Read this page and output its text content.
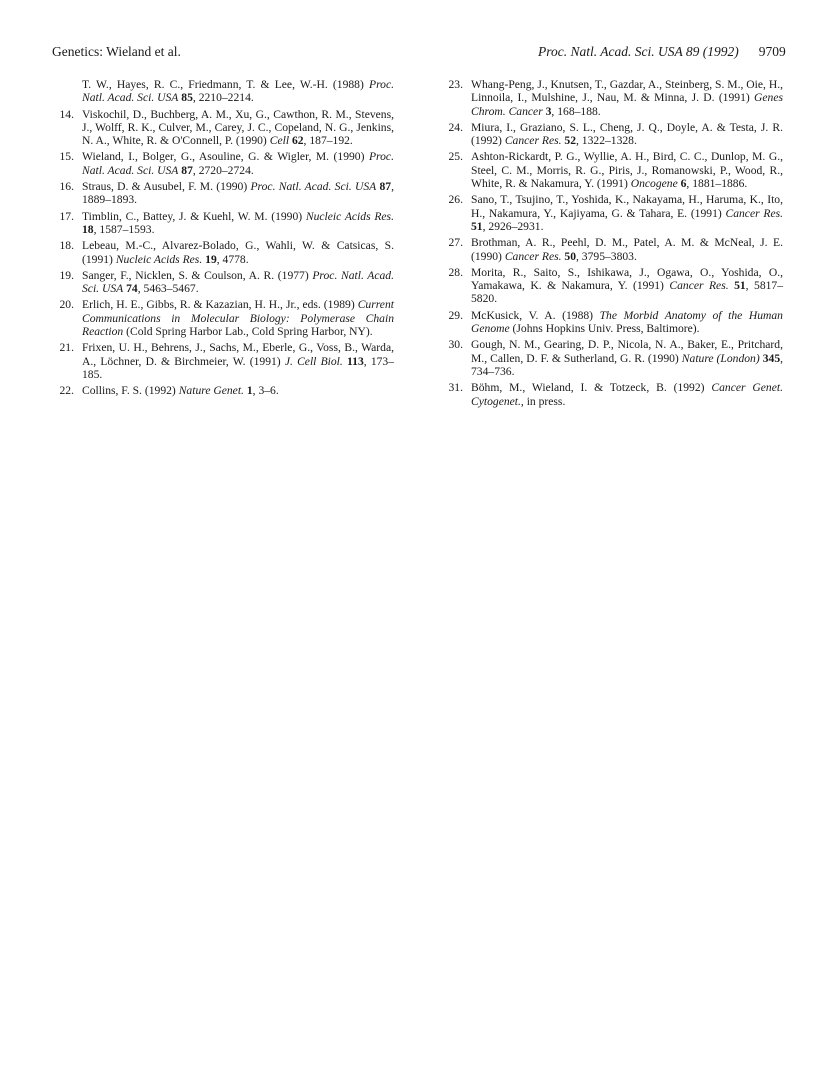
Genetics: Wieland et al.	Proc. Natl. Acad. Sci. USA 89 (1992) 9709
T. W., Hayes, R. C., Friedmann, T. & Lee, W.-H. (1988) Proc. Natl. Acad. Sci. USA 85, 2210–2214.
14. Viskochil, D., Buchberg, A. M., Xu, G., Cawthon, R. M., Stevens, J., Wolff, R. K., Culver, M., Carey, J. C., Copeland, N. G., Jenkins, N. A., White, R. & O'Connell, P. (1990) Cell 62, 187–192.
15. Wieland, I., Bolger, G., Asouline, G. & Wigler, M. (1990) Proc. Natl. Acad. Sci. USA 87, 2720–2724.
16. Straus, D. & Ausubel, F. M. (1990) Proc. Natl. Acad. Sci. USA 87, 1889–1893.
17. Timblin, C., Battey, J. & Kuehl, W. M. (1990) Nucleic Acids Res. 18, 1587–1593.
18. Lebeau, M.-C., Alvarez-Bolado, G., Wahli, W. & Catsicas, S. (1991) Nucleic Acids Res. 19, 4778.
19. Sanger, F., Nicklen, S. & Coulson, A. R. (1977) Proc. Natl. Acad. Sci. USA 74, 5463–5467.
20. Erlich, H. E., Gibbs, R. & Kazazian, H. H., Jr., eds. (1989) Current Communications in Molecular Biology: Polymerase Chain Reaction (Cold Spring Harbor Lab., Cold Spring Harbor, NY).
21. Frixen, U. H., Behrens, J., Sachs, M., Eberle, G., Voss, B., Warda, A., Löchner, D. & Birchmeier, W. (1991) J. Cell Biol. 113, 173–185.
22. Collins, F. S. (1992) Nature Genet. 1, 3–6.
23. Whang-Peng, J., Knutsen, T., Gazdar, A., Steinberg, S. M., Oie, H., Linnoila, I., Mulshine, J., Nau, M. & Minna, J. D. (1991) Genes Chrom. Cancer 3, 168–188.
24. Miura, I., Graziano, S. L., Cheng, J. Q., Doyle, A. & Testa, J. R. (1992) Cancer Res. 52, 1322–1328.
25. Ashton-Rickardt, P. G., Wyllie, A. H., Bird, C. C., Dunlop, M. G., Steel, C. M., Morris, R. G., Piris, J., Romanowski, P., Wood, R., White, R. & Nakamura, Y. (1991) Oncogene 6, 1881–1886.
26. Sano, T., Tsujino, T., Yoshida, K., Nakayama, H., Haruma, K., Ito, H., Nakamura, Y., Kajiyama, G. & Tahara, E. (1991) Cancer Res. 51, 2926–2931.
27. Brothman, A. R., Peehl, D. M., Patel, A. M. & McNeal, J. E. (1990) Cancer Res. 50, 3795–3803.
28. Morita, R., Saito, S., Ishikawa, J., Ogawa, O., Yoshida, O., Yamakawa, K. & Nakamura, Y. (1991) Cancer Res. 51, 5817–5820.
29. McKusick, V. A. (1988) The Morbid Anatomy of the Human Genome (Johns Hopkins Univ. Press, Baltimore).
30. Gough, N. M., Gearing, D. P., Nicola, N. A., Baker, E., Pritchard, M., Callen, D. F. & Sutherland, G. R. (1990) Nature (London) 345, 734–736.
31. Böhm, M., Wieland, I. & Totzeck, B. (1992) Cancer Genet. Cytogenet., in press.
